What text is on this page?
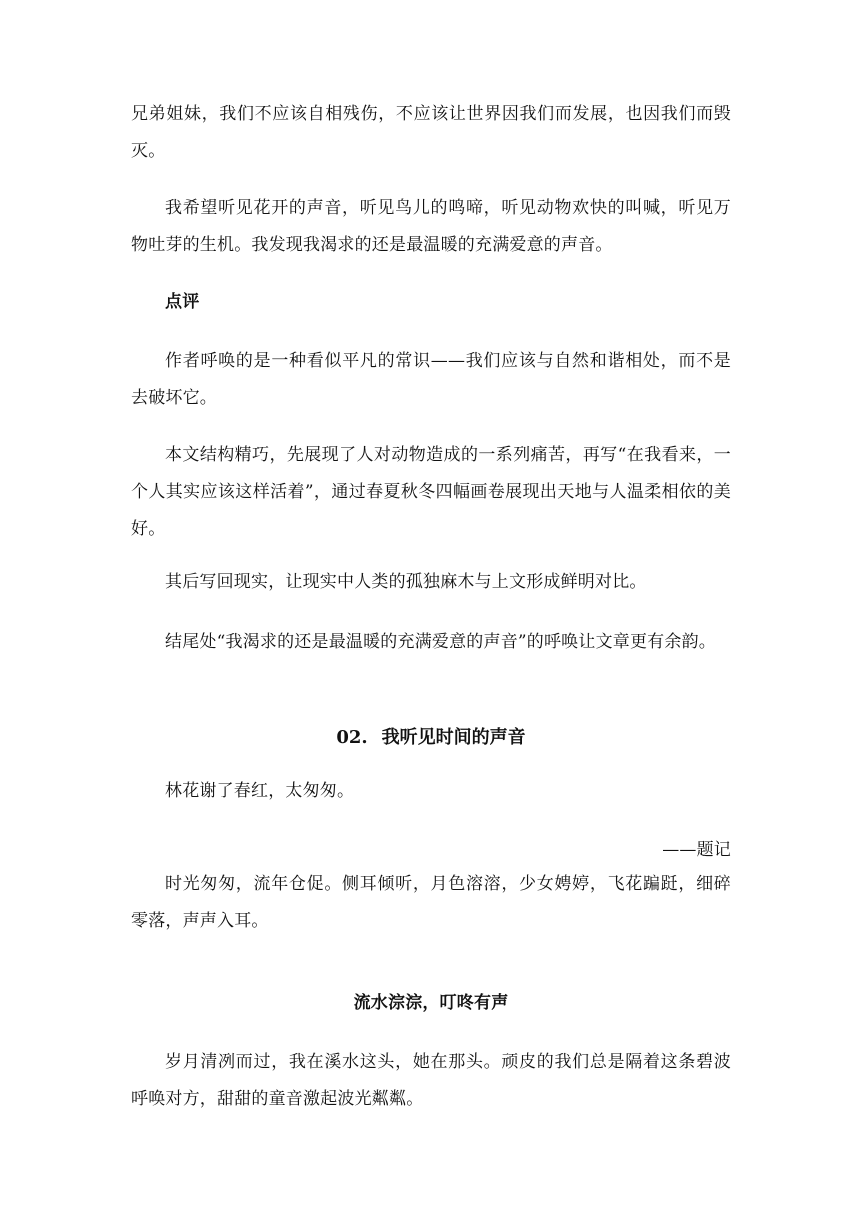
兄弟姐妹，我们不应该自相残伤，不应该让世界因我们而发展，也因我们而毁灭。

我希望听见花开的声音，听见鸟儿的鸣啼，听见动物欢快的叫喊，听见万物吐芽的生机。我发现我渴求的还是最温暖的充满爱意的声音。

点评

作者呼唤的是一种看似平凡的常识——我们应该与自然和谐相处，而不是去破坏它。

本文结构精巧，先展现了人对动物造成的一系列痛苦，再写“在我看来，一个人其实应该这样活着”，通过春夏秋冬四幅画卷展现出天地与人温柔相依的美好。

其后写回现实，让现实中人类的孤独麻木与上文形成鲜明对比。

结尾处“我渴求的还是最温暖的充满爱意的声音”的呼唤让文章更有余韵。

02. 我听见时间的声音

林花谢了春红，太匆匆。

——题记

时光匆匆，流年仓促。侧耳倾听，月色溶溶，少女娉婷，飞花蹁跹，细碎零落，声声入耳。

流水淙淙，叮咚有声

岁月清冽而过，我在溪水这头，她在那头。顽皮的我们总是隔着这条碧波呼唤对方，甜甜的童音激起波光粼粼。
